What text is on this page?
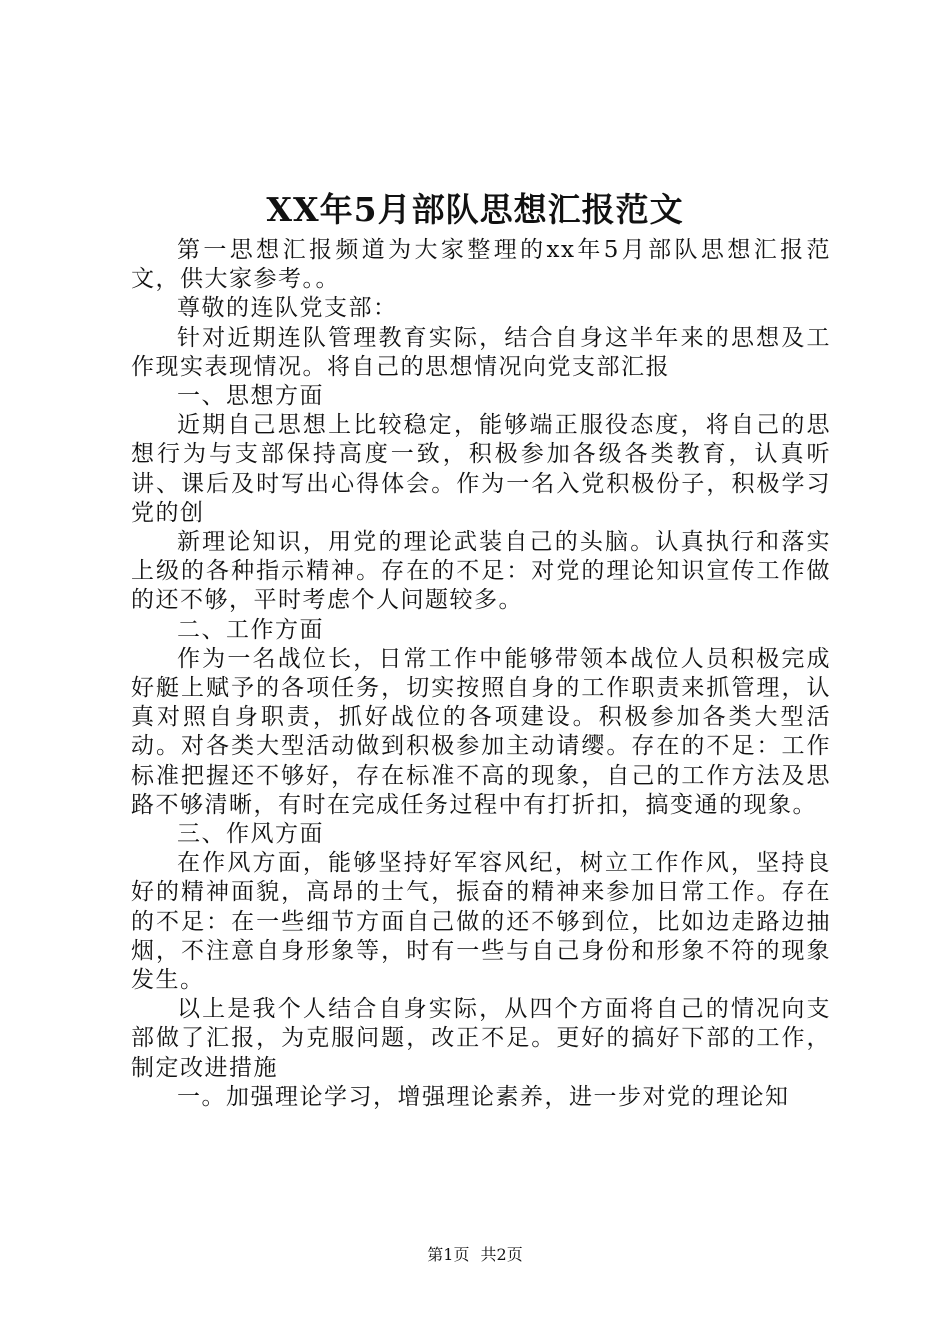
XX年5月部队思想汇报范文

第一思想汇报频道为大家整理的xx年5月部队思想汇报范文，供大家参考。。

尊敬的连队党支部：

针对近期连队管理教育实际，结合自身这半年来的思想及工作现实表现情况。将自己的思想情况向党支部汇报

一、思想方面

近期自己思想上比较稳定，能够端正服役态度，将自己的思想行为与支部保持高度一致，积极参加各级各类教育，认真听讲、课后及时写出心得体会。作为一名入党积极份子，积极学习党的创

新理论知识，用党的理论武装自己的头脑。认真执行和落实上级的各种指示精神。存在的不足：对党的理论知识宣传工作做的还不够，平时考虑个人问题较多。

二、工作方面

作为一名战位长，日常工作中能够带领本战位人员积极完成好艇上赋予的各项任务，切实按照自身的工作职责来抓管理，认真对照自身职责，抓好战位的各项建设。积极参加各类大型活动。对各类大型活动做到积极参加主动请缨。存在的不足：工作标准把握还不够好，存在标准不高的现象，自己的工作方法及思路不够清晰，有时在完成任务过程中有打折扣，搞变通的现象。

三、作风方面

在作风方面，能够坚持好军容风纪，树立工作作风，坚持良好的精神面貌，高昂的士气，振奋的精神来参加日常工作。存在的不足：在一些细节方面自己做的还不够到位，比如边走路边抽烟，不注意自身形象等，时有一些与自己身份和形象不符的现象发生。

以上是我个人结合自身实际，从四个方面将自己的情况向支部做了汇报，为克服问题，改正不足。更好的搞好下部的工作，制定改进措施

一。加强理论学习，增强理论素养，进一步对党的理论知

第1页 共2页
